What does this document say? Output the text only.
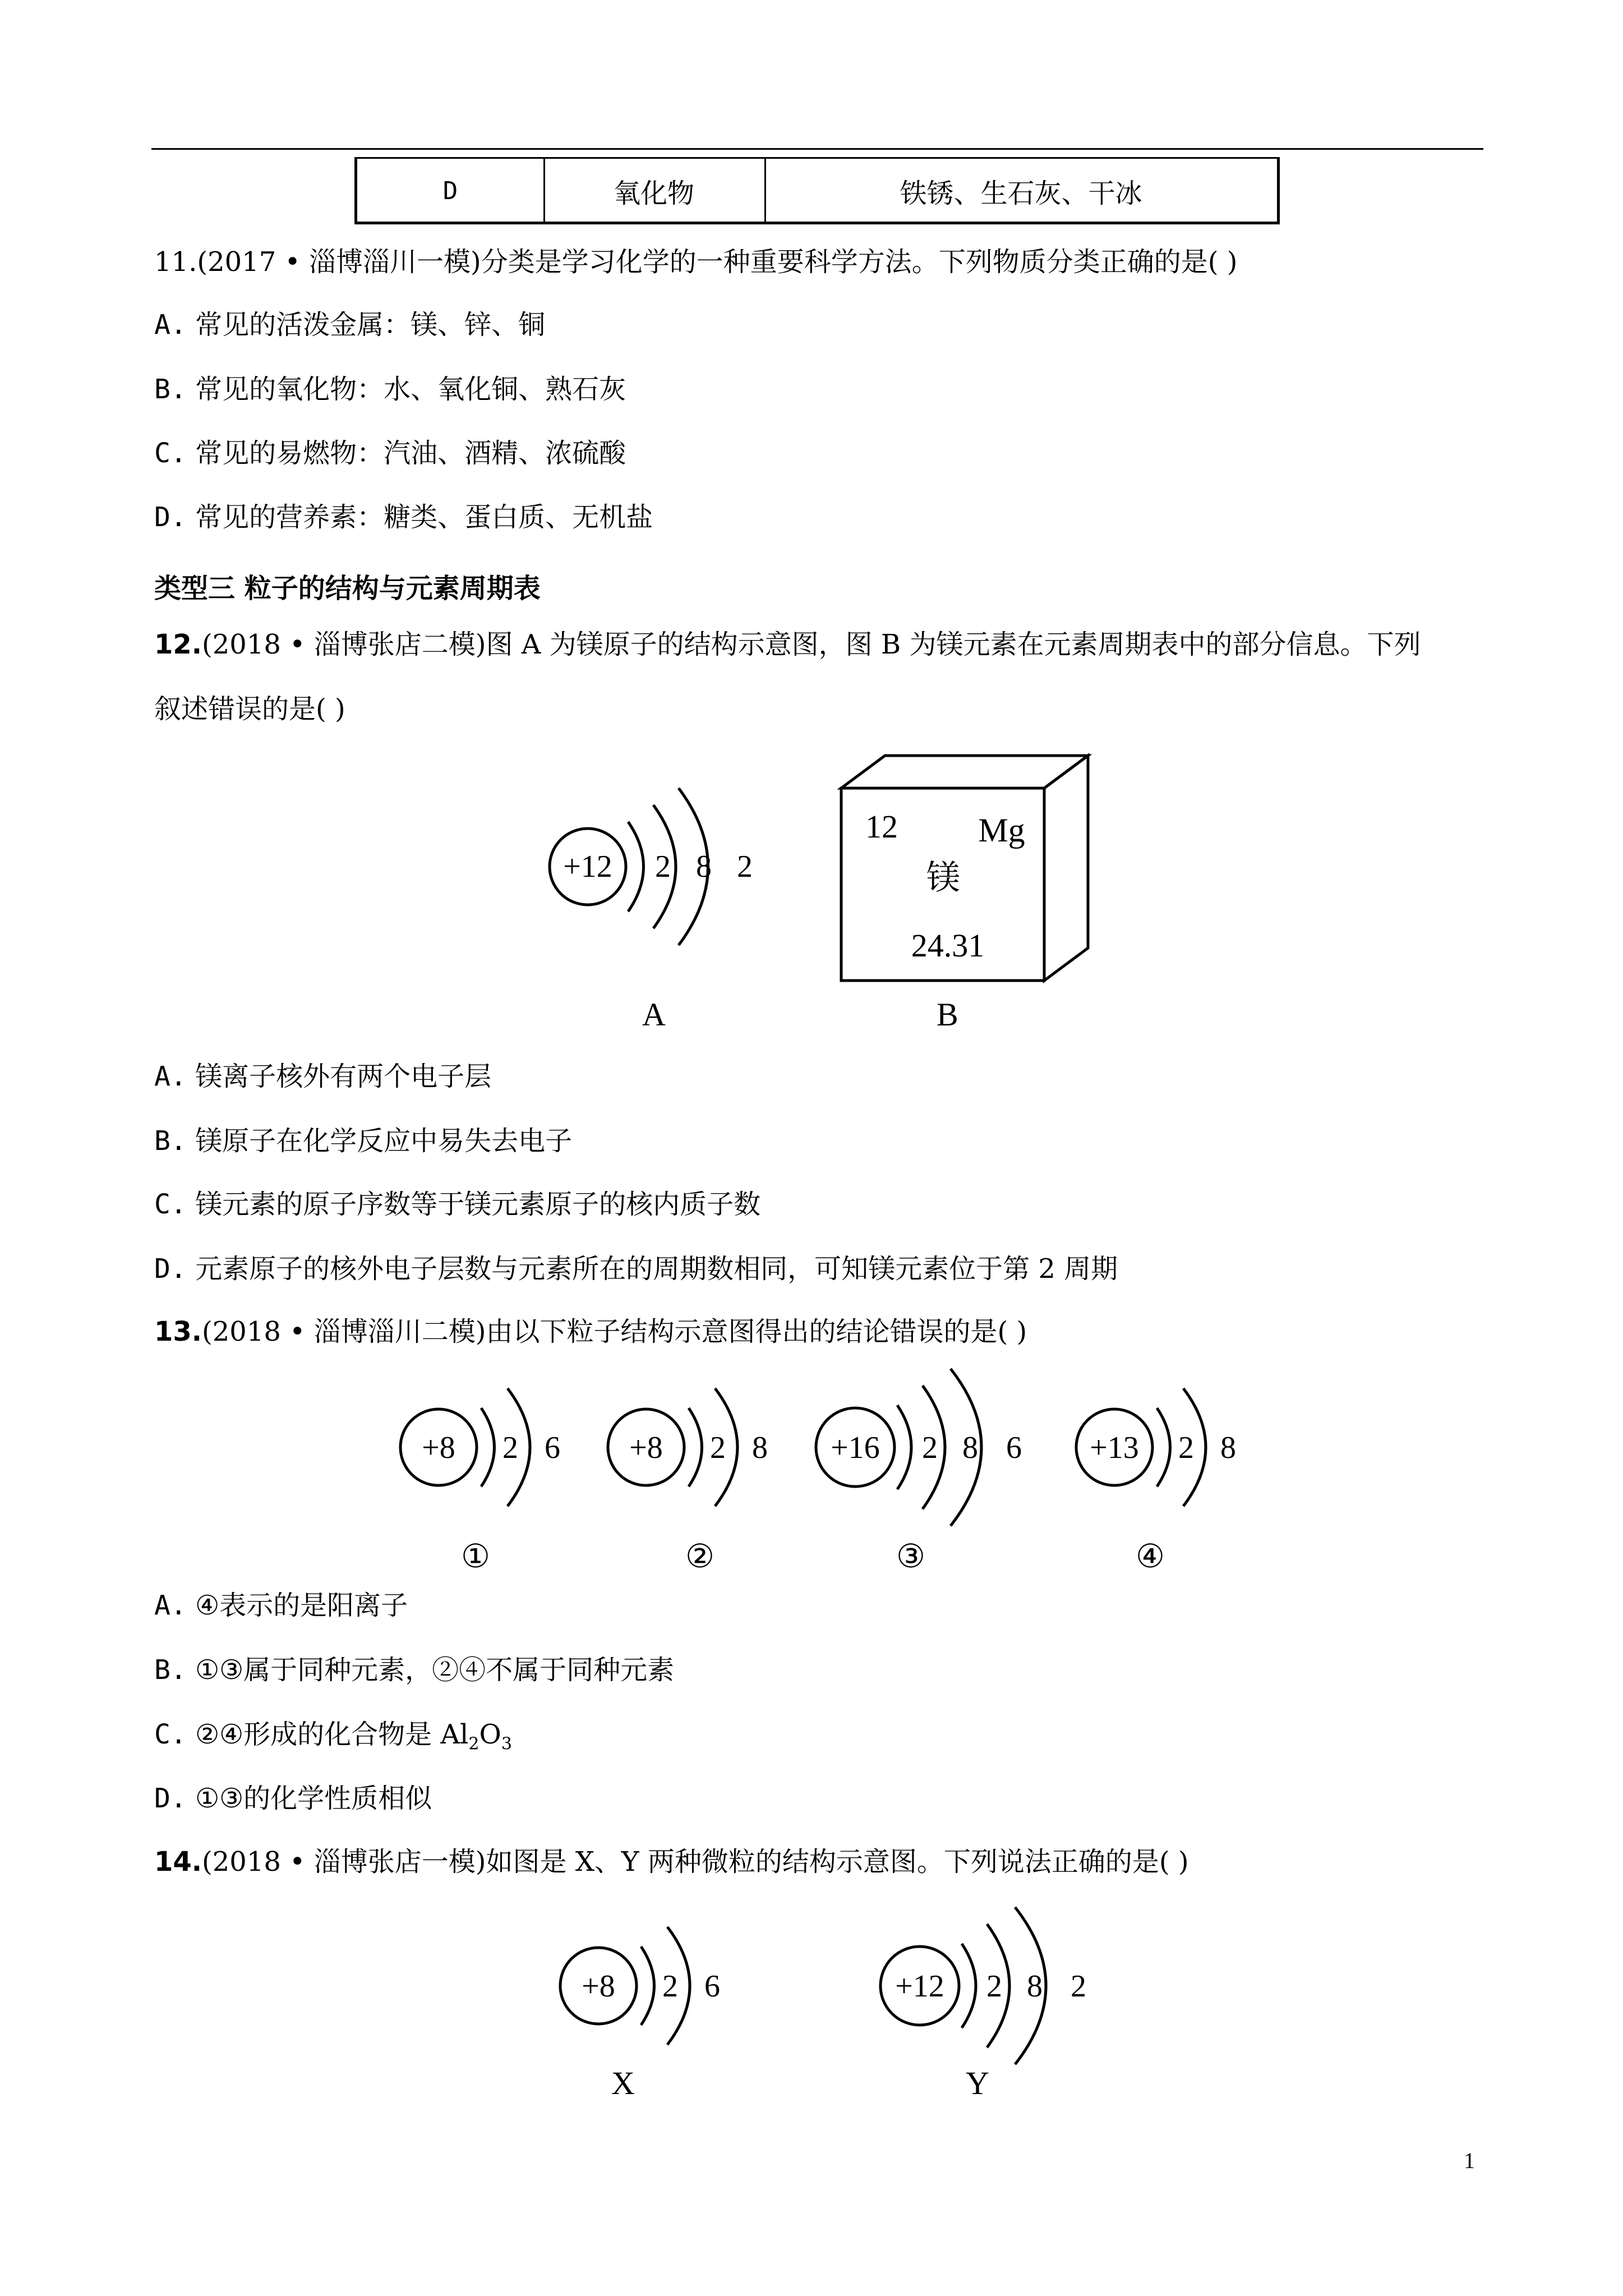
D	氧化物	铁锈、生石灰、干冰
11.(2017 • 淄博淄川一模)分类是学习化学的一种重要科学方法。下列物质分类正确的是( )
A. 常见的活泼金属：镁、锌、铜
B. 常见的氧化物：水、氧化铜、熟石灰
C. 常见的易燃物：汽油、酒精、浓硫酸
D. 常见的营养素：糖类、蛋白质、无机盐
类型三 粒子的结构与元素周期表
12.(2018 • 淄博张店二模)图 A 为镁原子的结构示意图，图 B 为镁元素在元素周期表中的部分信息。下列
叙述错误的是( )
+12 2 8 2
A
12 Mg
镁
24.31
B
A. 镁离子核外有两个电子层
B. 镁原子在化学反应中易失去电子
C. 镁元素的原子序数等于镁元素原子的核内质子数
D. 元素原子的核外电子层数与元素所在的周期数相同，可知镁元素位于第 2 周期
13.(2018 • 淄博淄川二模)由以下粒子结构示意图得出的结论错误的是( )
+8 2 6 +8 2 8 +16 2 8 6 +13 2 8
①	②	③	④
A. ④表示的是阳离子
B. ①③属于同种元素，②④不属于同种元素
C. ②④形成的化合物是 $Al_2O_3$
D. ①③的化学性质相似
14.(2018 • 淄博张店一模)如图是 X、Y 两种微粒的结构示意图。下列说法正确的是( )
+8 2 6	+12 2 8 2
X	Y
1
